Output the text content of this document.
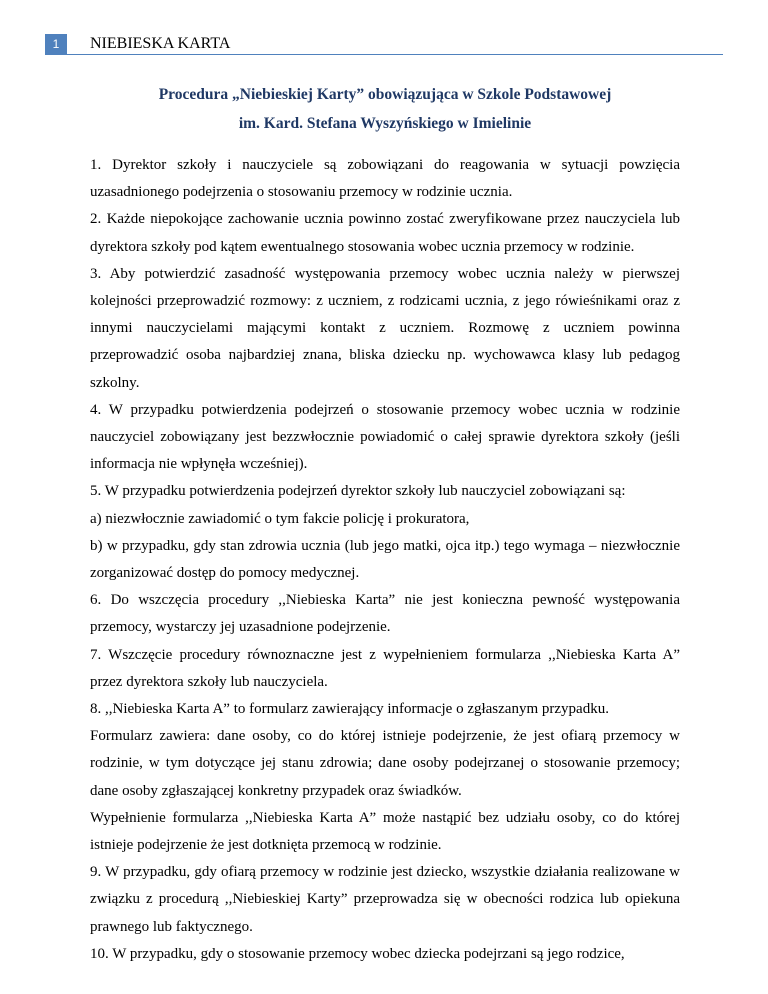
1	NIEBIESKA KARTA
Procedura „Niebieskiej Karty” obowiązująca w Szkole Podstawowej
im. Kard. Stefana Wyszyńskiego w Imielinie

1. Dyrektor szkoły i nauczyciele są zobowiązani do reagowania w sytuacji powzięcia uzasadnionego podejrzenia o stosowaniu przemocy w rodzinie ucznia.

2. Każde niepokojące zachowanie ucznia powinno zostać zweryfikowane przez nauczyciela lub dyrektora szkoły pod kątem ewentualnego stosowania wobec ucznia przemocy w rodzinie.

3. Aby potwierdzić zasadność występowania przemocy wobec ucznia należy w pierwszej kolejności przeprowadzić rozmowy: z uczniem, z rodzicami ucznia, z jego rówieśnikami oraz z innymi nauczycielami mającymi kontakt z uczniem. Rozmowę z uczniem powinna przeprowadzić osoba najbardziej znana, bliska dziecku np. wychowawca klasy lub pedagog szkolny.

4. W przypadku potwierdzenia podejrzeń o stosowanie przemocy wobec ucznia w rodzinie nauczyciel zobowiązany jest bezzwłocznie powiadomić o całej sprawie dyrektora szkoły (jeśli informacja nie wpłynęła wcześniej).

5. W przypadku potwierdzenia podejrzeń dyrektor szkoły lub nauczyciel zobowiązani są:

a) niezwłocznie zawiadomić o tym fakcie policję i prokuratora,

b) w przypadku, gdy stan zdrowia ucznia (lub jego matki, ojca itp.) tego wymaga – niezwłocznie zorganizować dostęp do pomocy medycznej.

6. Do wszczęcia procedury ,,Niebieska Karta” nie jest konieczna pewność występowania przemocy, wystarczy jej uzasadnione podejrzenie.

7. Wszczęcie procedury równoznaczne jest z wypełnieniem formularza ,,Niebieska Karta A” przez dyrektora szkoły lub nauczyciela.

8. ,,Niebieska Karta A” to formularz zawierający informacje o zgłaszanym przypadku.

Formularz zawiera: dane osoby, co do której istnieje podejrzenie, że jest ofiarą przemocy w rodzinie, w tym dotyczące jej stanu zdrowia; dane osoby podejrzanej o stosowanie przemocy; dane osoby zgłaszającej konkretny przypadek oraz świadków.

Wypełnienie formularza ,,Niebieska Karta A” może nastąpić bez udziału osoby, co do której istnieje podejrzenie że jest dotknięta przemocą w rodzinie.

9. W przypadku, gdy ofiarą przemocy w rodzinie jest dziecko, wszystkie działania realizowane w związku z procedurą ,,Niebieskiej Karty” przeprowadza się w obecności rodzica lub opiekuna prawnego lub faktycznego.

10. W przypadku, gdy o stosowanie przemocy wobec dziecka podejrzani są jego rodzice,
